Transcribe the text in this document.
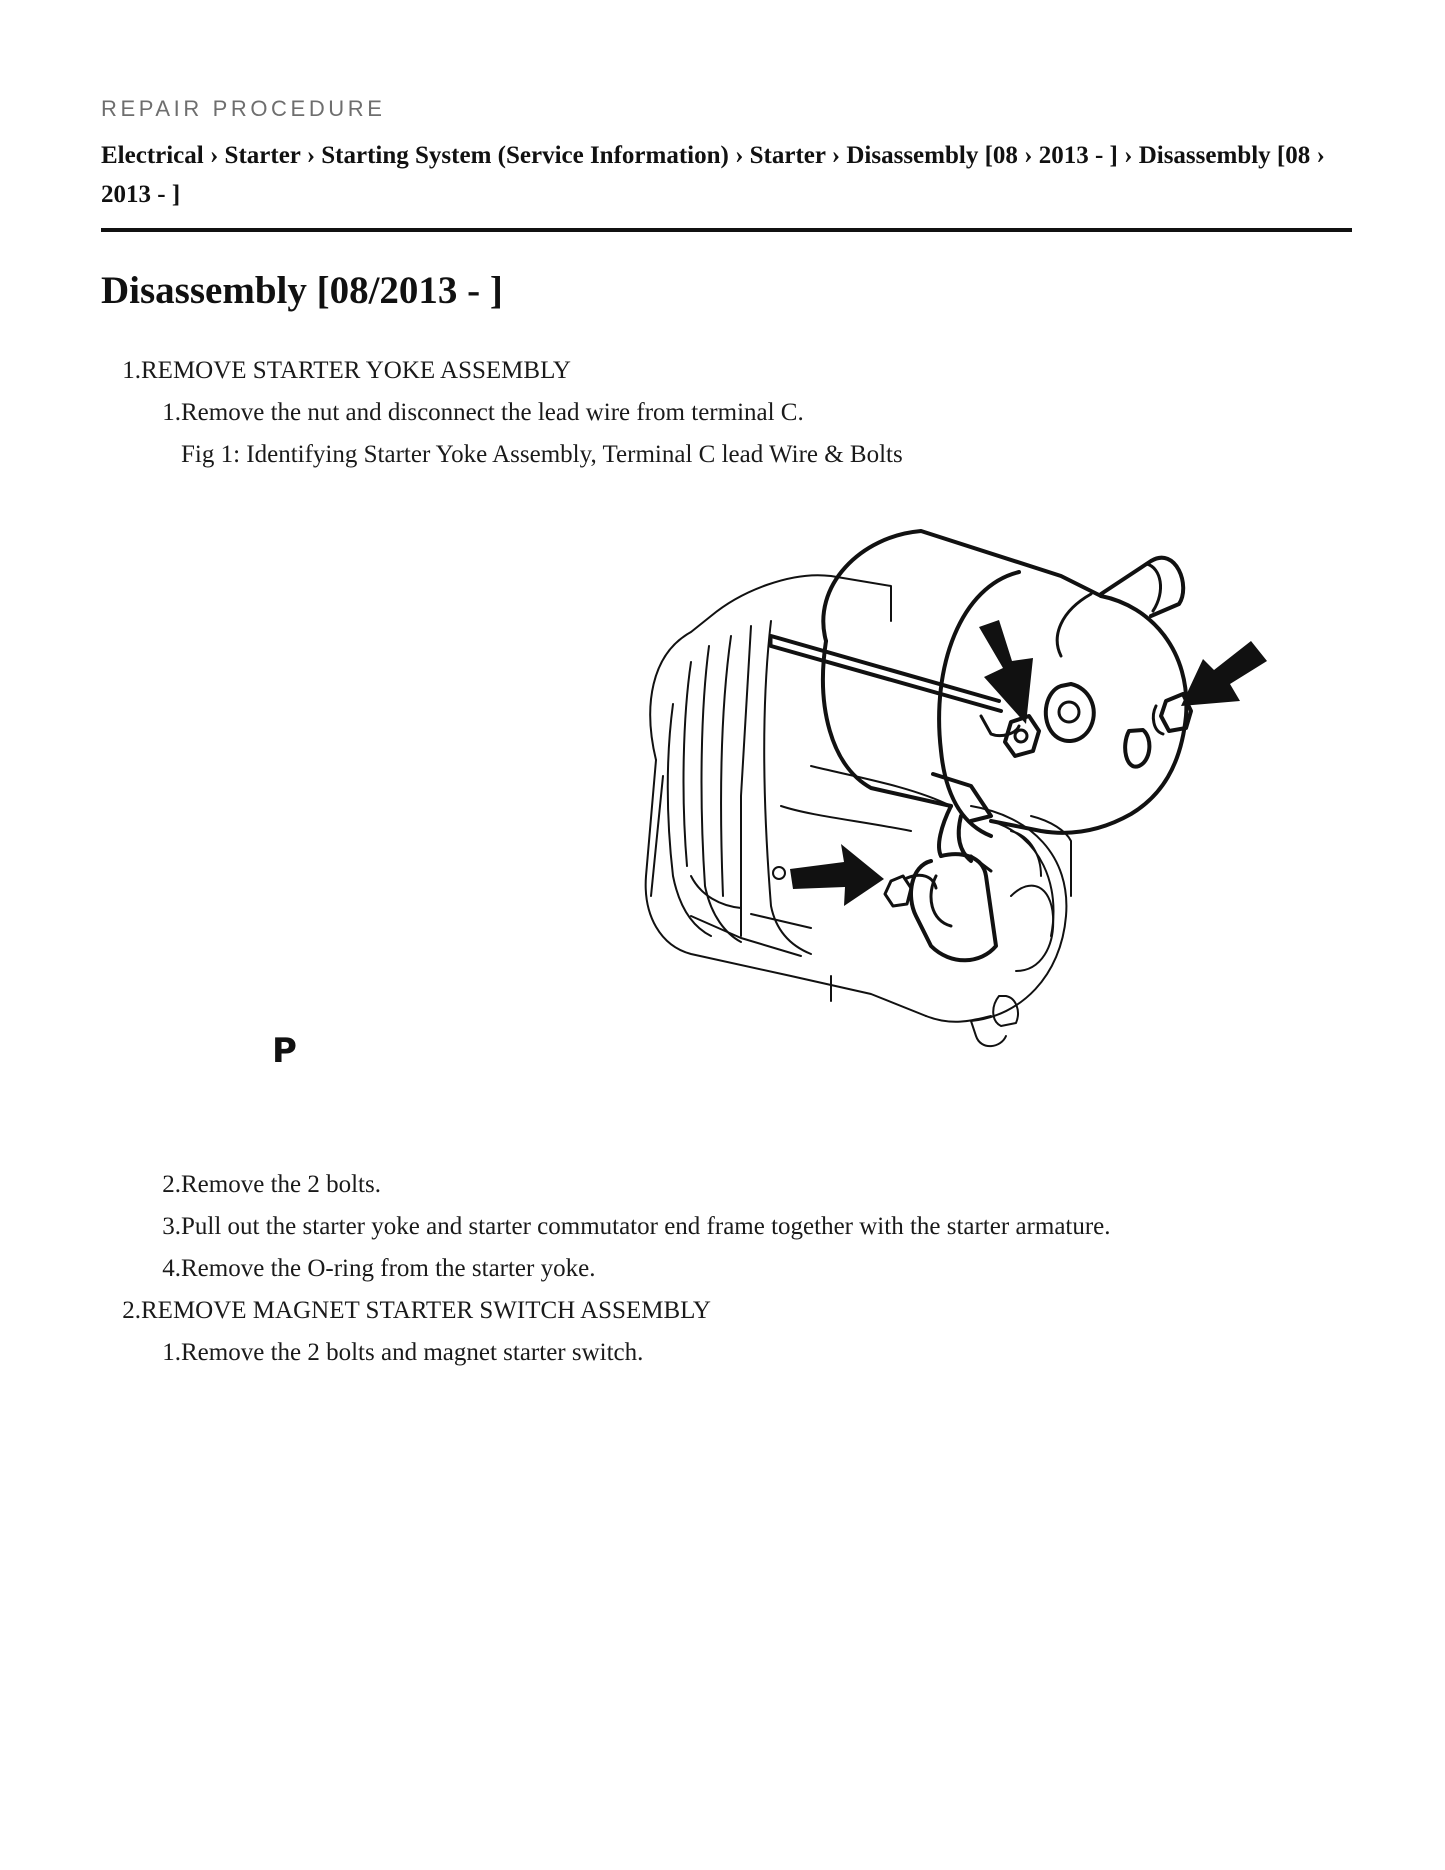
REPAIR PROCEDURE
Electrical › Starter › Starting System (Service Information) › Starter › Disassembly [08 › 2013 - ] › Disassembly [08 › 2013 - ]
Disassembly [08/2013 - ]
1. REMOVE STARTER YOKE ASSEMBLY
1. Remove the nut and disconnect the lead wire from terminal C.
Fig 1: Identifying Starter Yoke Assembly, Terminal C lead Wire & Bolts
P
2. Remove the 2 bolts.
3. Pull out the starter yoke and starter commutator end frame together with the starter armature.
4. Remove the O-ring from the starter yoke.
2. REMOVE MAGNET STARTER SWITCH ASSEMBLY
1. Remove the 2 bolts and magnet starter switch.
